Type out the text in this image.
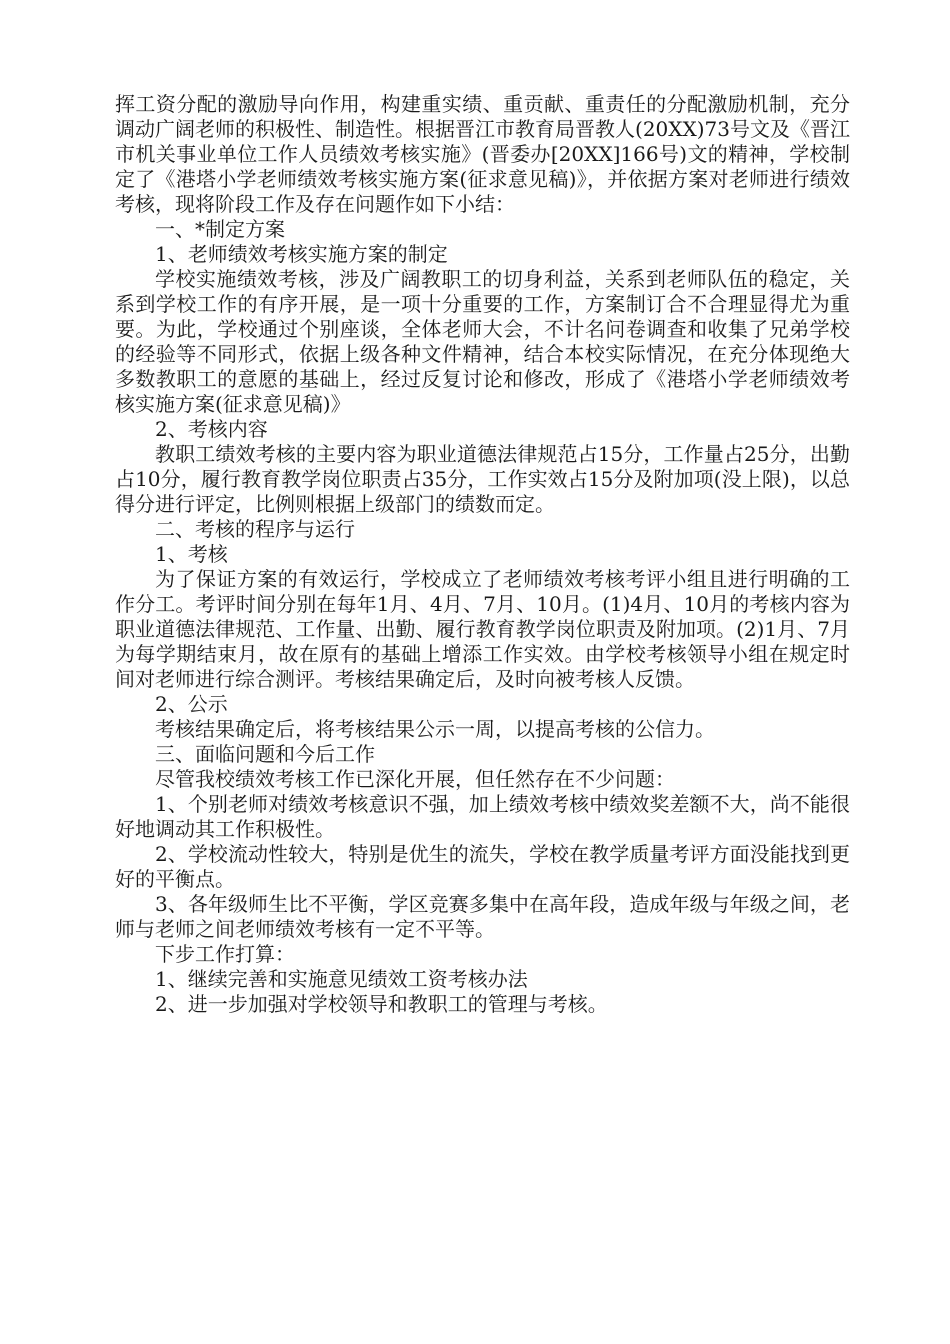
挥工资分配的激励导向作用，构建重实绩、重贡献、重责任的分配激励机制，充分调动广阔老师的积极性、制造性。根据晋江市教育局晋教人(20XX)73号文及《晋江市机关事业单位工作人员绩效考核实施》(晋委办[20XX]166号)文的精神，学校制定了《港塔小学老师绩效考核实施方案(征求意见稿)》，并依据方案对老师进行绩效考核，现将阶段工作及存在问题作如下小结：

一、*制定方案

1、老师绩效考核实施方案的制定

学校实施绩效考核，涉及广阔教职工的切身利益，关系到老师队伍的稳定，关系到学校工作的有序开展，是一项十分重要的工作，方案制订合不合理显得尤为重要。为此，学校通过个别座谈，全体老师大会，不计名问卷调查和收集了兄弟学校的经验等不同形式，依据上级各种文件精神，结合本校实际情况，在充分体现绝大多数教职工的意愿的基础上，经过反复讨论和修改，形成了《港塔小学老师绩效考核实施方案(征求意见稿)》

2、考核内容

教职工绩效考核的主要内容为职业道德法律规范占15分，工作量占25分，出勤占10分，履行教育教学岗位职责占35分，工作实效占15分及附加项(没上限)，以总得分进行评定，比例则根据上级部门的绩数而定。

二、考核的程序与运行

1、考核

为了保证方案的有效运行，学校成立了老师绩效考核考评小组且进行明确的工作分工。考评时间分别在每年1月、4月、7月、10月。(1)4月、10月的考核内容为职业道德法律规范、工作量、出勤、履行教育教学岗位职责及附加项。(2)1月、7月为每学期结束月，故在原有的基础上增添工作实效。由学校考核领导小组在规定时间对老师进行综合测评。考核结果确定后，及时向被考核人反馈。

2、公示

考核结果确定后，将考核结果公示一周，以提高考核的公信力。

三、面临问题和今后工作

尽管我校绩效考核工作已深化开展，但任然存在不少问题：

1、个别老师对绩效考核意识不强，加上绩效考核中绩效奖差额不大，尚不能很好地调动其工作积极性。

2、学校流动性较大，特别是优生的流失，学校在教学质量考评方面没能找到更好的平衡点。

3、各年级师生比不平衡，学区竞赛多集中在高年段，造成年级与年级之间，老师与老师之间老师绩效考核有一定不平等。

下步工作打算：

1、继续完善和实施意见绩效工资考核办法

2、进一步加强对学校领导和教职工的管理与考核。
